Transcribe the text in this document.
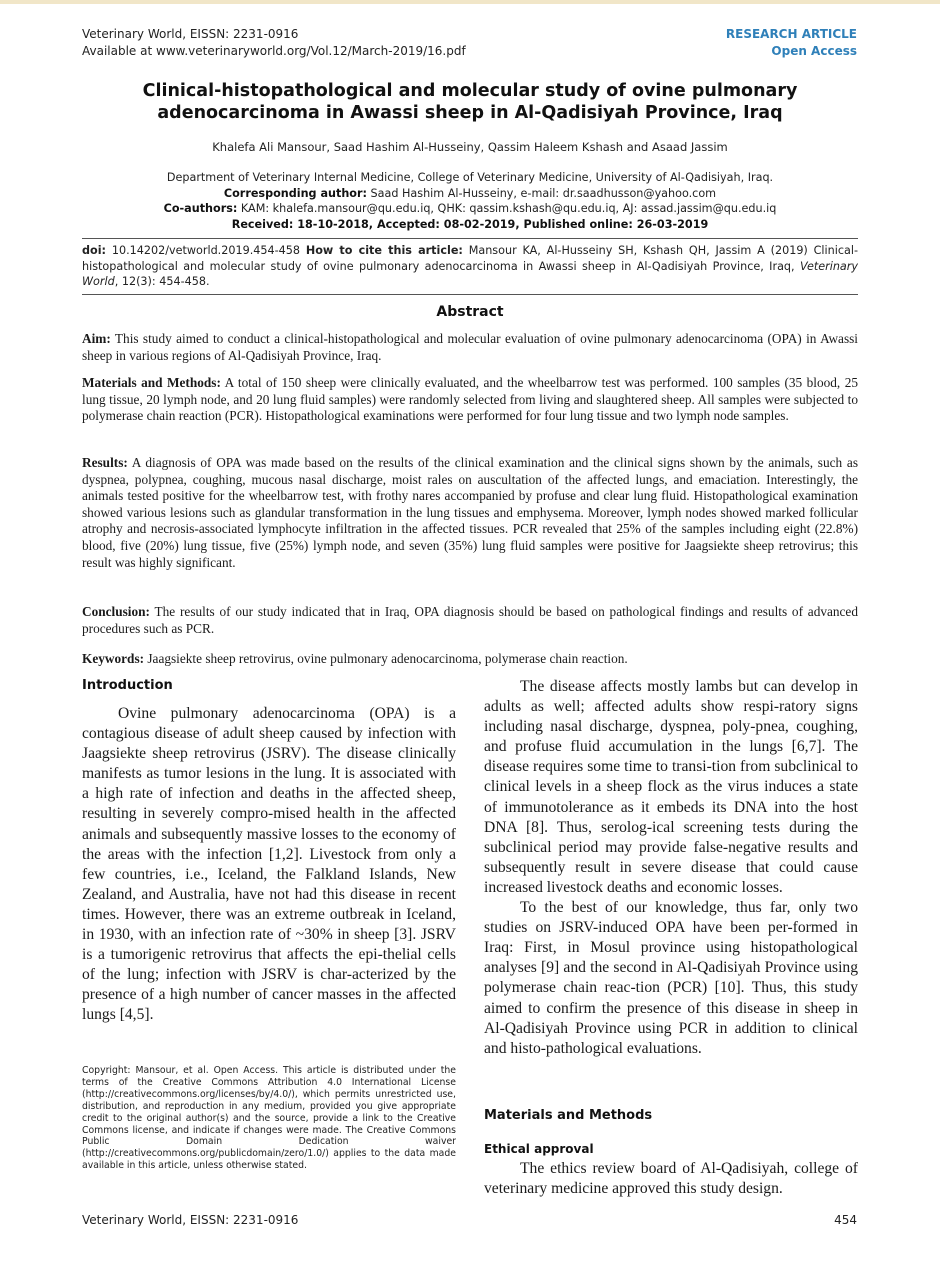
Veterinary World, EISSN: 2231-0916
Available at www.veterinaryworld.org/Vol.12/March-2019/16.pdf
RESEARCH ARTICLE
Open Access
Clinical-histopathological and molecular study of ovine pulmonary
adenocarcinoma in Awassi sheep in Al-Qadisiyah Province, Iraq
Khalefa Ali Mansour, Saad Hashim Al-Husseiny, Qassim Haleem Kshash and Asaad Jassim
Department of Veterinary Internal Medicine, College of Veterinary Medicine, University of Al-Qadisiyah, Iraq.
Corresponding author: Saad Hashim Al-Husseiny, e-mail: dr.saadhusson@yahoo.com
Co-authors: KAM: khalefa.mansour@qu.edu.iq, QHK: qassim.kshash@qu.edu.iq, AJ: assad.jassim@qu.edu.iq
Received: 18-10-2018, Accepted: 08-02-2019, Published online: 26-03-2019
doi: 10.14202/vetworld.2019.454-458 How to cite this article: Mansour KA, Al-Husseiny SH, Kshash QH, Jassim A (2019) Clinical-histopathological and molecular study of ovine pulmonary adenocarcinoma in Awassi sheep in Al-Qadisiyah Province, Iraq, Veterinary World, 12(3): 454-458.
Abstract
Aim: This study aimed to conduct a clinical-histopathological and molecular evaluation of ovine pulmonary adenocarcinoma (OPA) in Awassi sheep in various regions of Al-Qadisiyah Province, Iraq.
Materials and Methods: A total of 150 sheep were clinically evaluated, and the wheelbarrow test was performed. 100 samples (35 blood, 25 lung tissue, 20 lymph node, and 20 lung fluid samples) were randomly selected from living and slaughtered sheep. All samples were subjected to polymerase chain reaction (PCR). Histopathological examinations were performed for four lung tissue and two lymph node samples.
Results: A diagnosis of OPA was made based on the results of the clinical examination and the clinical signs shown by the animals, such as dyspnea, polypnea, coughing, mucous nasal discharge, moist rales on auscultation of the affected lungs, and emaciation. Interestingly, the animals tested positive for the wheelbarrow test, with frothy nares accompanied by profuse and clear lung fluid. Histopathological examination showed various lesions such as glandular transformation in the lung tissues and emphysema. Moreover, lymph nodes showed marked follicular atrophy and necrosis-associated lymphocyte infiltration in the affected tissues. PCR revealed that 25% of the samples including eight (22.8%) blood, five (20%) lung tissue, five (25%) lymph node, and seven (35%) lung fluid samples were positive for Jaagsiekte sheep retrovirus; this result was highly significant.
Conclusion: The results of our study indicated that in Iraq, OPA diagnosis should be based on pathological findings and results of advanced procedures such as PCR.
Keywords: Jaagsiekte sheep retrovirus, ovine pulmonary adenocarcinoma, polymerase chain reaction.
Introduction

Ovine pulmonary adenocarcinoma (OPA) is a contagious disease of adult sheep caused by infection with Jaagsiekte sheep retrovirus (JSRV). The disease clinically manifests as tumor lesions in the lung. It is associated with a high rate of infection and deaths in the affected sheep, resulting in severely compro-mised health in the affected animals and subsequently massive losses to the economy of the areas with the infection [1,2]. Livestock from only a few countries, i.e., Iceland, the Falkland Islands, New Zealand, and Australia, have not had this disease in recent times. However, there was an extreme outbreak in Iceland, in 1930, with an infection rate of ~30% in sheep [3]. JSRV is a tumorigenic retrovirus that affects the epi-thelial cells of the lung; infection with JSRV is char-acterized by the presence of a high number of cancer masses in the affected lungs [4,5].

The disease affects mostly lambs but can develop in adults as well; affected adults show respi-ratory signs including nasal discharge, dyspnea, poly-pnea, coughing, and profuse fluid accumulation in the lungs [6,7]. The disease requires some time to transi-tion from subclinical to clinical levels in a sheep flock as the virus induces a state of immunotolerance as it embeds its DNA into the host DNA [8]. Thus, serolog-ical screening tests during the subclinical period may provide false-negative results and subsequently result in severe disease that could cause increased livestock deaths and economic losses.

To the best of our knowledge, thus far, only two studies on JSRV-induced OPA have been per-formed in Iraq: First, in Mosul province using histopathological analyses [9] and the second in Al-Qadisiyah Province using polymerase chain reac-tion (PCR) [10]. Thus, this study aimed to confirm the presence of this disease in sheep in Al-Qadisiyah Province using PCR in addition to clinical and histo-pathological evaluations.

Materials and Methods
Ethical approval

The ethics review board of Al-Qadisiyah, college of veterinary medicine approved this study design.

Copyright: Mansour, et al. Open Access. This article is distributed under the terms of the Creative Commons Attribution 4.0 International License (http://creativecommons.org/licenses/by/4.0/), which permits unrestricted use, distribution, and reproduction in any medium, provided you give appropriate credit to the original author(s) and the source, provide a link to the Creative Commons license, and indicate if changes were made. The Creative Commons Public Domain Dedication waiver (http://creativecommons.org/publicdomain/zero/1.0/) applies to the data made available in this article, unless otherwise stated.
Veterinary World, EISSN: 2231-0916	454
